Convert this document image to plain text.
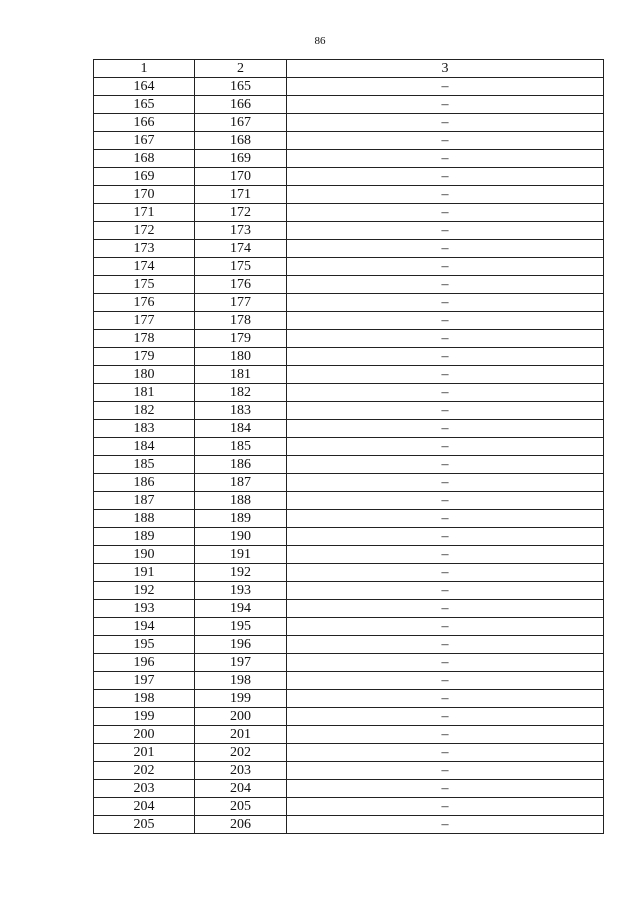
86
1	2	3
164	165	–
165	166	–
166	167	–
167	168	–
168	169	–
169	170	–
170	171	–
171	172	–
172	173	–
173	174	–
174	175	–
175	176	–
176	177	–
177	178	–
178	179	–
179	180	–
180	181	–
181	182	–
182	183	–
183	184	–
184	185	–
185	186	–
186	187	–
187	188	–
188	189	–
189	190	–
190	191	–
191	192	–
192	193	–
193	194	–
194	195	–
195	196	–
196	197	–
197	198	–
198	199	–
199	200	–
200	201	–
201	202	–
202	203	–
203	204	–
204	205	–
205	206	–
